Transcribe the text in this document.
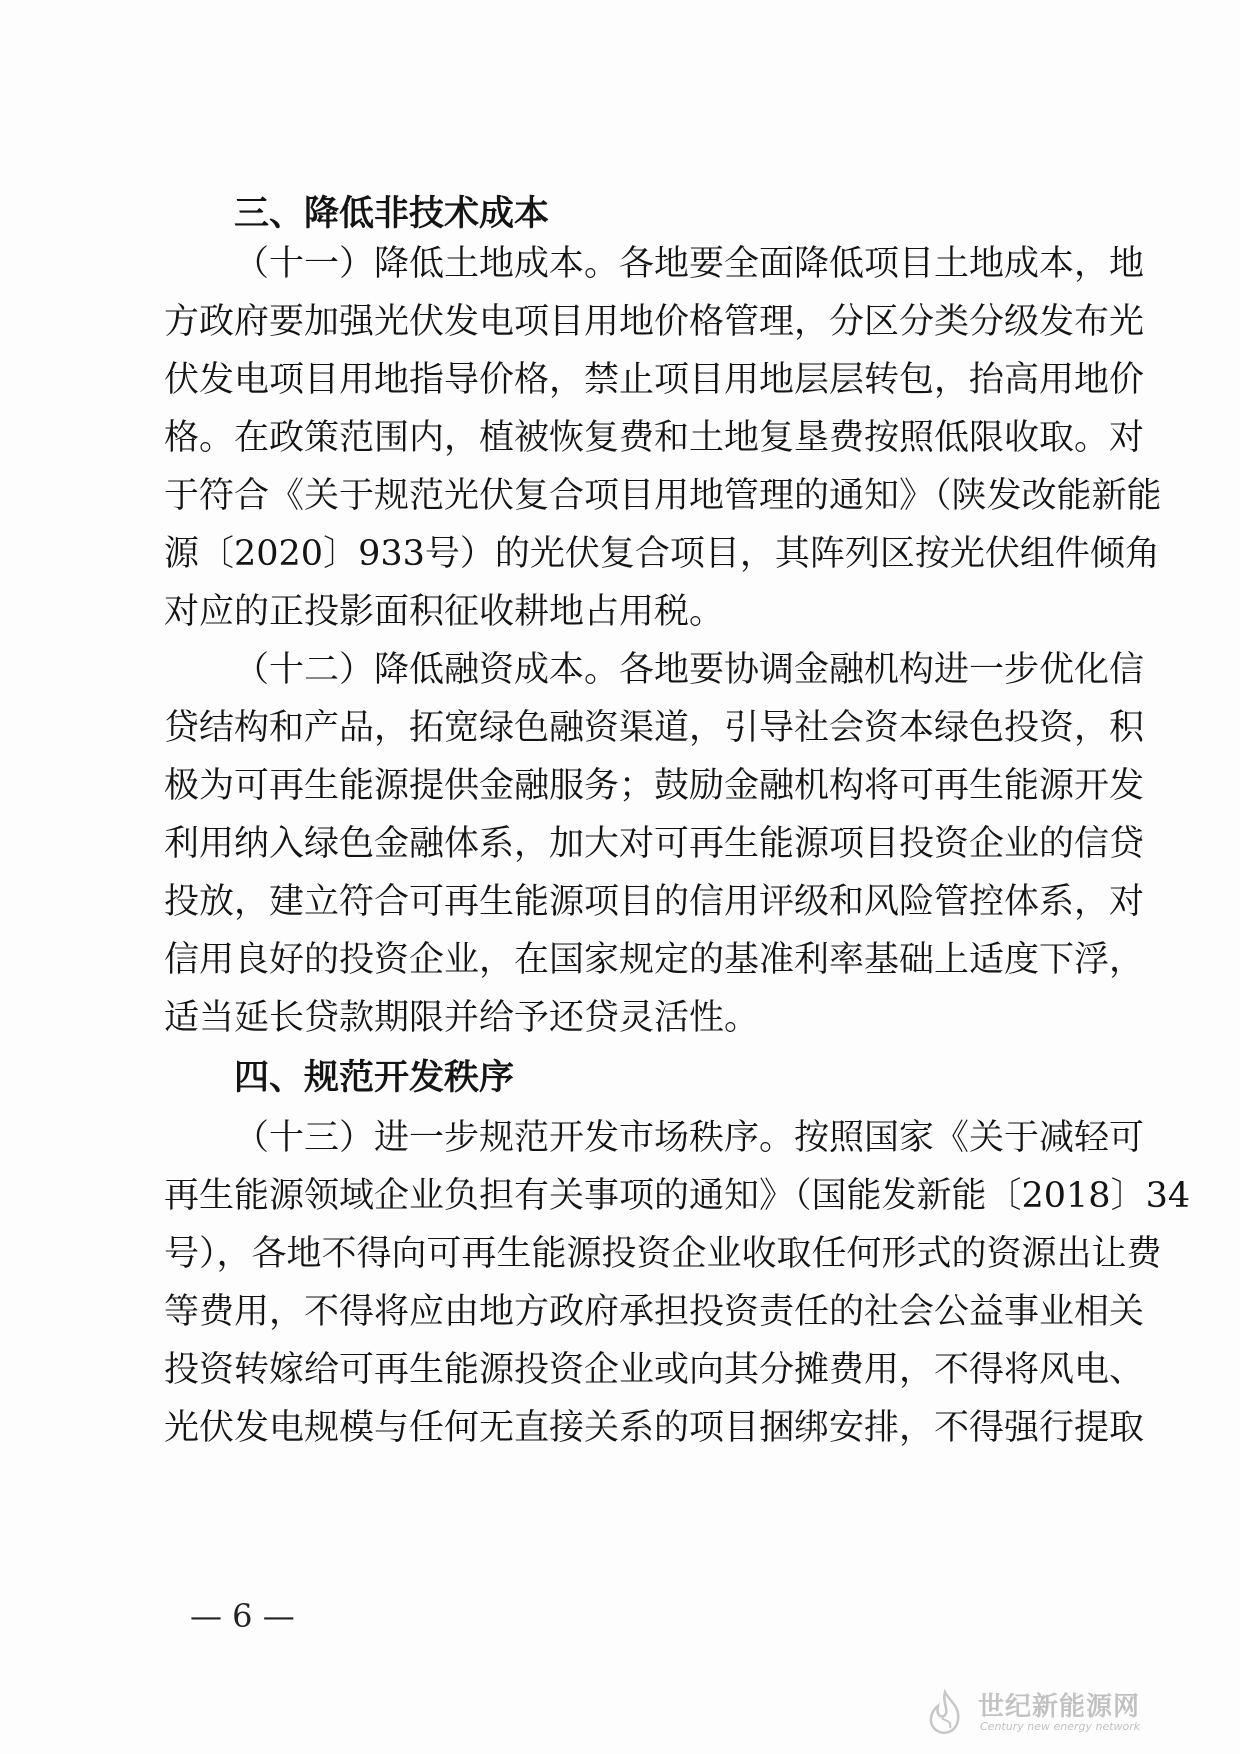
三、降低非技术成本
（十一）降低土地成本。各地要全面降低项目土地成本，地
方政府要加强光伏发电项目用地价格管理，分区分类分级发布光
伏发电项目用地指导价格，禁止项目用地层层转包，抬高用地价
格。在政策范围内，植被恢复费和土地复垦费按照低限收取。对
于符合《关于规范光伏复合项目用地管理的通知》（陕发改能新能
源〔2020〕933号）的光伏复合项目，其阵列区按光伏组件倾角
对应的正投影面积征收耕地占用税。
（十二）降低融资成本。各地要协调金融机构进一步优化信
贷结构和产品，拓宽绿色融资渠道，引导社会资本绿色投资，积
极为可再生能源提供金融服务；鼓励金融机构将可再生能源开发
利用纳入绿色金融体系，加大对可再生能源项目投资企业的信贷
投放，建立符合可再生能源项目的信用评级和风险管控体系，对
信用良好的投资企业，在国家规定的基准利率基础上适度下浮，
适当延长贷款期限并给予还贷灵活性。
四、规范开发秩序
（十三）进一步规范开发市场秩序。按照国家《关于减轻可
再生能源领域企业负担有关事项的通知》（国能发新能〔2018〕34
号），各地不得向可再生能源投资企业收取任何形式的资源出让费
等费用，不得将应由地方政府承担投资责任的社会公益事业相关
投资转嫁给可再生能源投资企业或向其分摊费用，不得将风电、
光伏发电规模与任何无直接关系的项目捆绑安排，不得强行提取
— 6 —
世纪新能源网
Century new energy network
